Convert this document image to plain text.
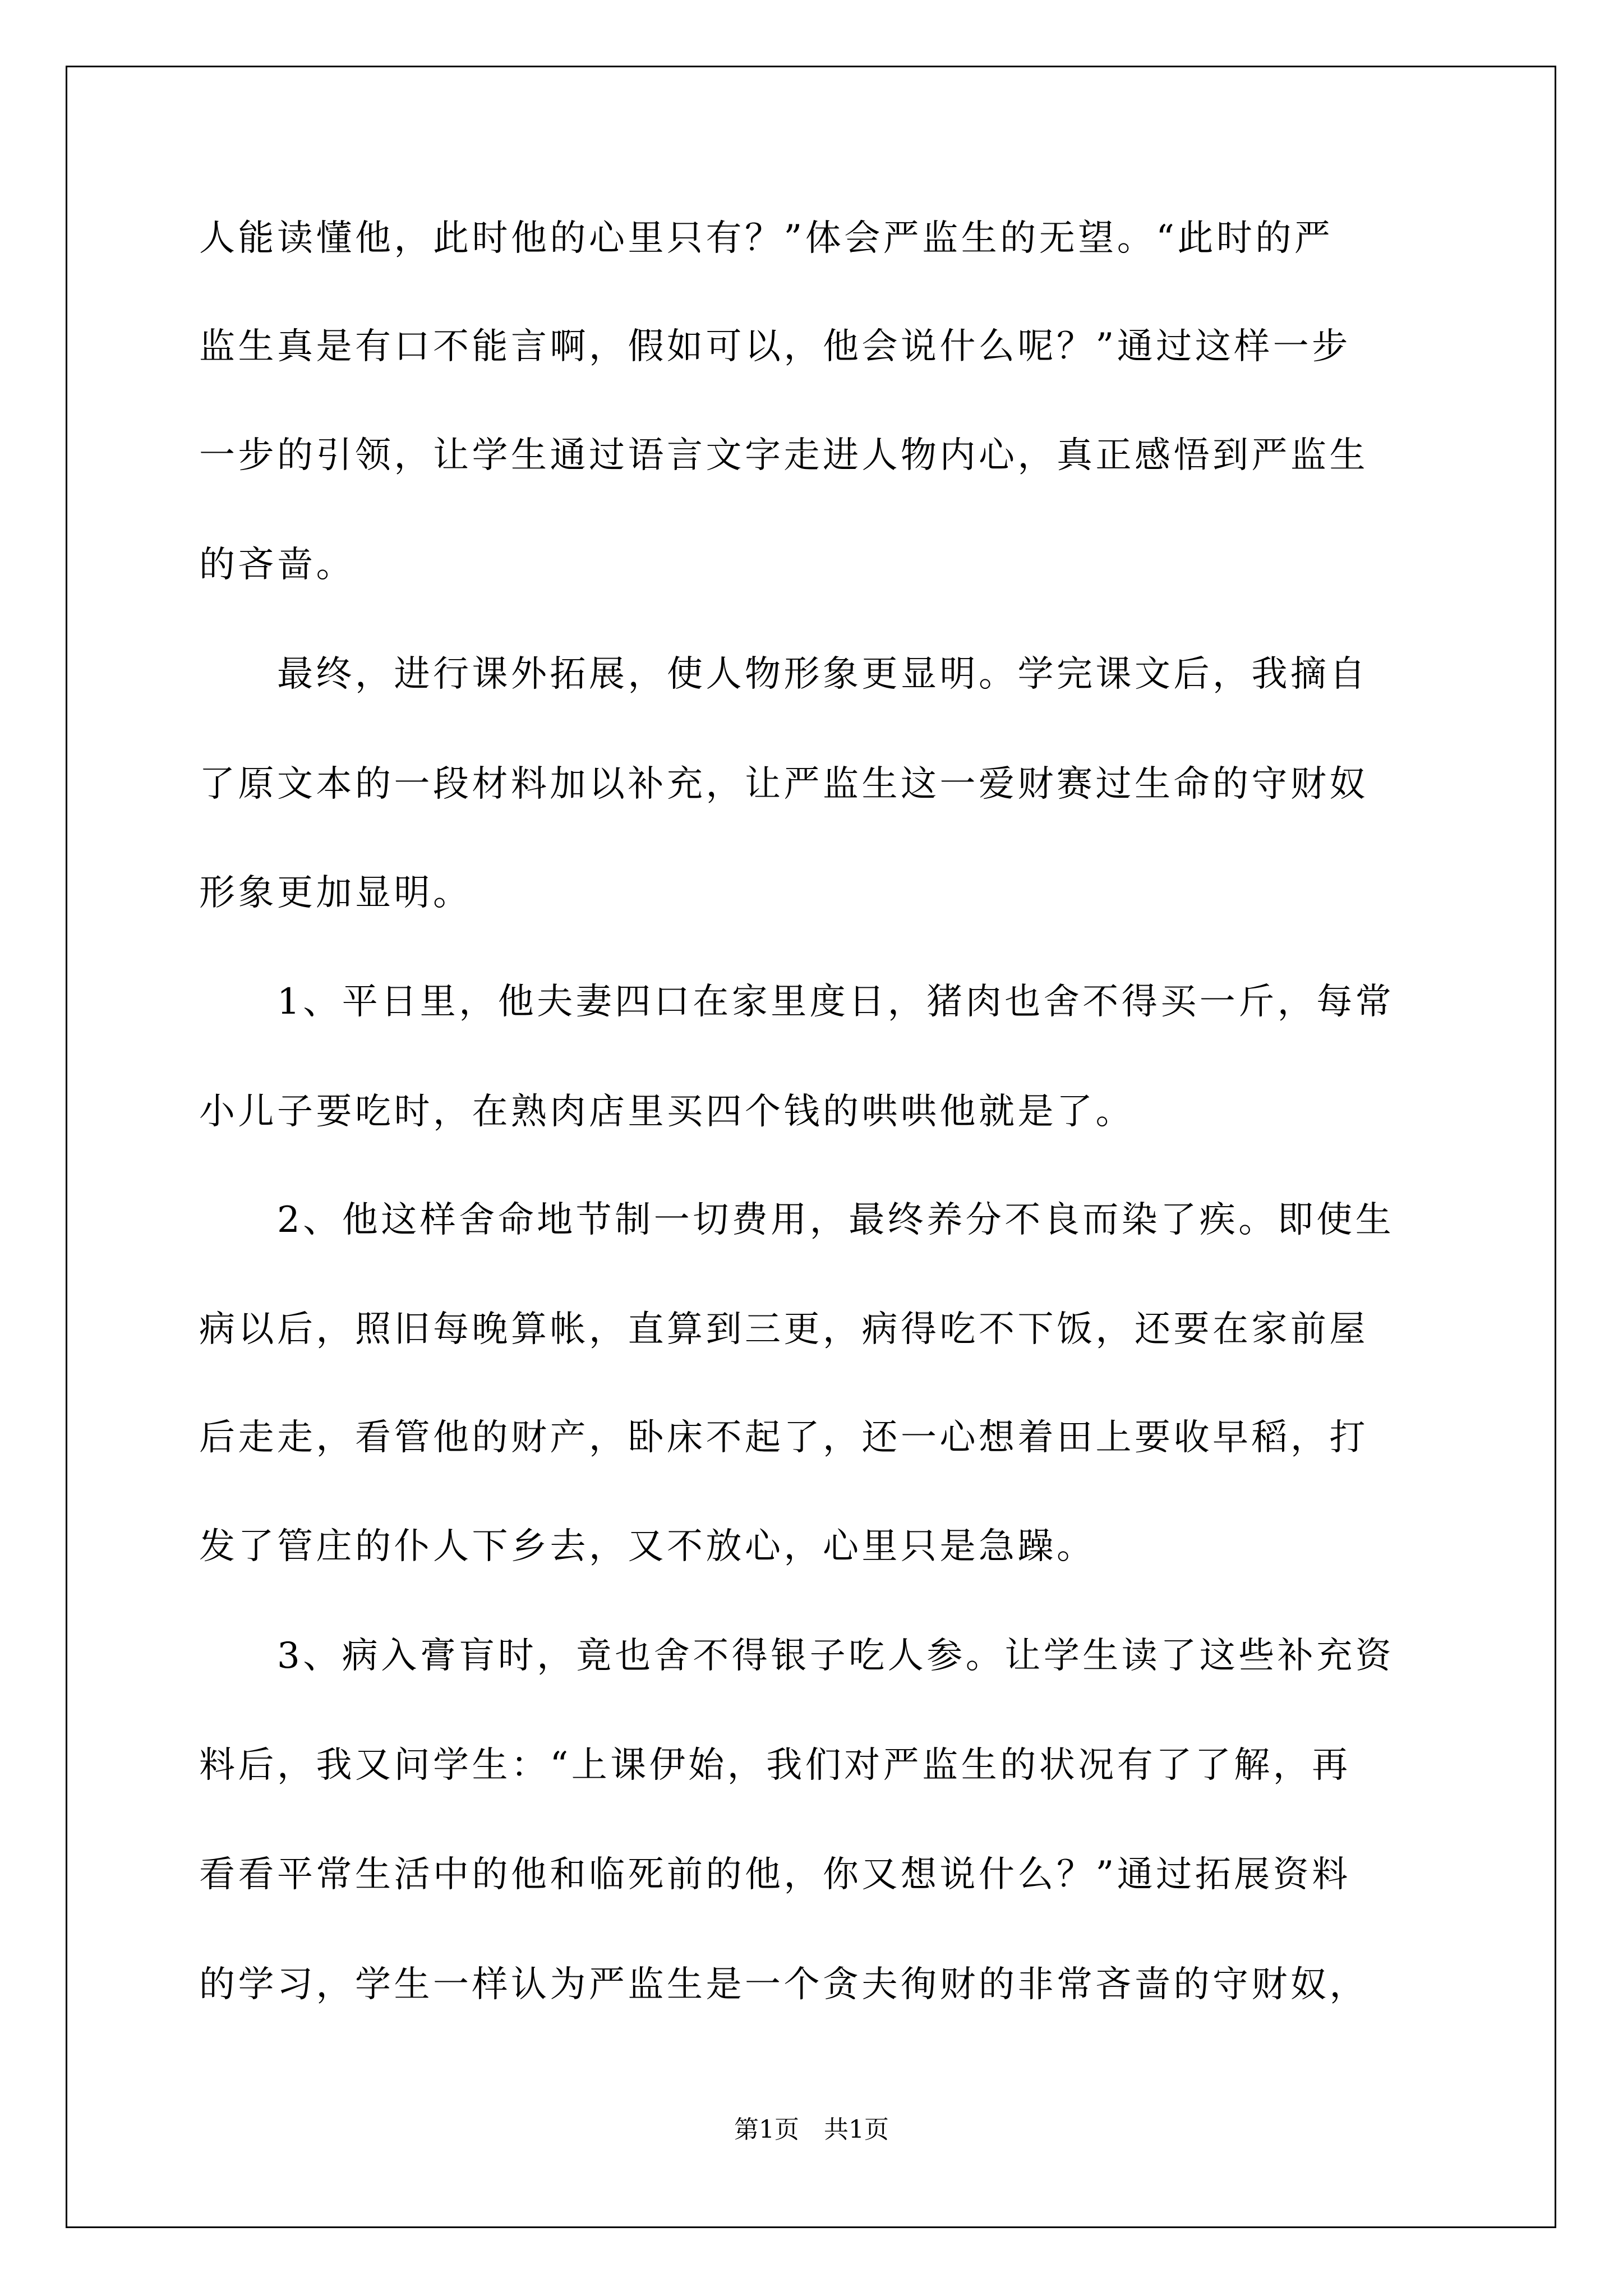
人能读懂他，此时他的心里只有？”体会严监生的无望。“此时的严
监生真是有口不能言啊，假如可以，他会说什么呢？”通过这样一步
一步的引领，让学生通过语言文字走进人物内心，真正感悟到严监生
的吝啬。
　　最终，进行课外拓展，使人物形象更显明。学完课文后，我摘自
了原文本的一段材料加以补充，让严监生这一爱财赛过生命的守财奴
形象更加显明。
　　1、平日里，他夫妻四口在家里度日，猪肉也舍不得买一斤，每常
小儿子要吃时，在熟肉店里买四个钱的哄哄他就是了。
　　2、他这样舍命地节制一切费用，最终养分不良而染了疾。即使生
病以后，照旧每晚算帐，直算到三更，病得吃不下饭，还要在家前屋
后走走，看管他的财产，卧床不起了，还一心想着田上要收早稻，打
发了管庄的仆人下乡去，又不放心，心里只是急躁。
　　3、病入膏肓时，竟也舍不得银子吃人参。让学生读了这些补充资
料后，我又问学生：“上课伊始，我们对严监生的状况有了了解，再
看看平常生活中的他和临死前的他，你又想说什么？”通过拓展资料
的学习，学生一样认为严监生是一个贪夫徇财的非常吝啬的守财奴，
第1页　共1页
